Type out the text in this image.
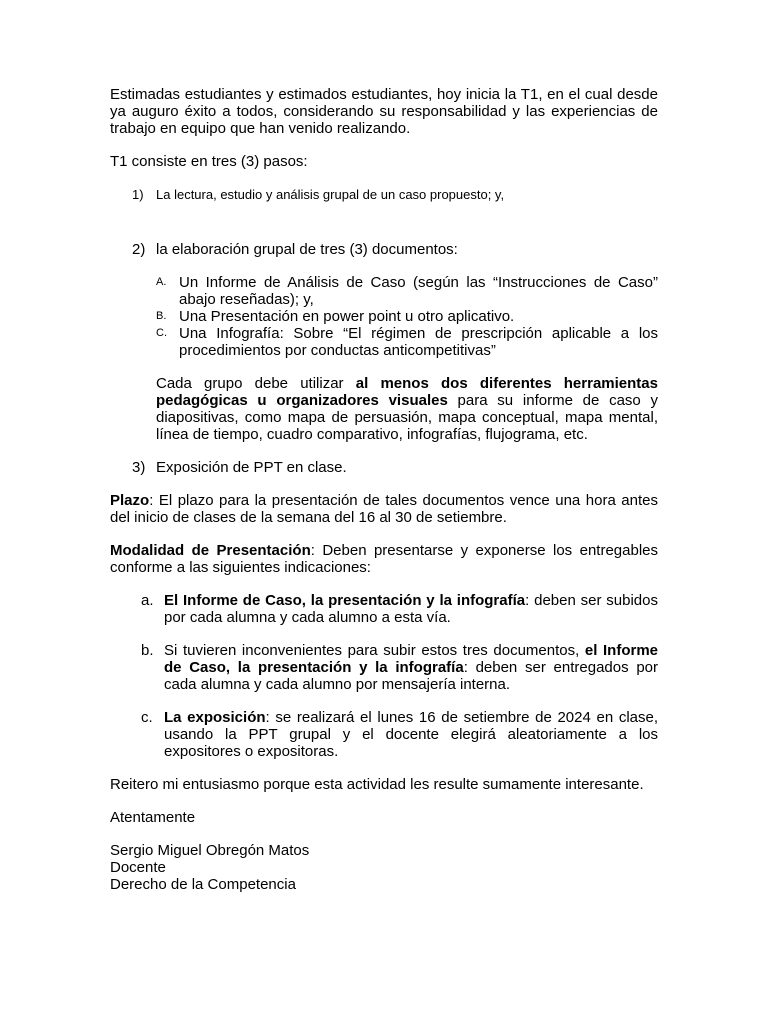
Estimadas estudiantes y estimados estudiantes, hoy inicia la T1, en el cual desde ya auguro éxito a todos, considerando su responsabilidad y las experiencias de trabajo en equipo que han venido realizando.

T1 consiste en tres (3) pasos:

1) La lectura, estudio y análisis grupal de un caso propuesto; y,
2) la elaboración grupal de tres (3) documentos:
A. Un Informe de Análisis de Caso (según las “Instrucciones de Caso” abajo reseñadas); y,
B. Una Presentación en power point u otro aplicativo.
C. Una Infografía: Sobre “El régimen de prescripción aplicable a los procedimientos por conductas anticompetitivas”

Cada grupo debe utilizar al menos dos diferentes herramientas pedagógicas u organizadores visuales para su informe de caso y diapositivas, como mapa de persuasión, mapa conceptual, mapa mental, línea de tiempo, cuadro comparativo, infografías, flujograma, etc.

3) Exposición de PPT en clase.

Plazo: El plazo para la presentación de tales documentos vence una hora antes del inicio de clases de la semana del 16 al 30 de setiembre.

Modalidad de Presentación: Deben presentarse y exponerse los entregables conforme a las siguientes indicaciones:

a. El Informe de Caso, la presentación y la infografía: deben ser subidos por cada alumna y cada alumno a esta vía.
b. Si tuvieren inconvenientes para subir estos tres documentos, el Informe de Caso, la presentación y la infografía: deben ser entregados por cada alumna y cada alumno por mensajería interna.
c. La exposición: se realizará el lunes 16 de setiembre de 2024 en clase, usando la PPT grupal y el docente elegirá aleatoriamente a los expositores o expositoras.

Reitero mi entusiasmo porque esta actividad les resulte sumamente interesante.

Atentamente

Sergio Miguel Obregón Matos

Docente

Derecho de la Competencia
